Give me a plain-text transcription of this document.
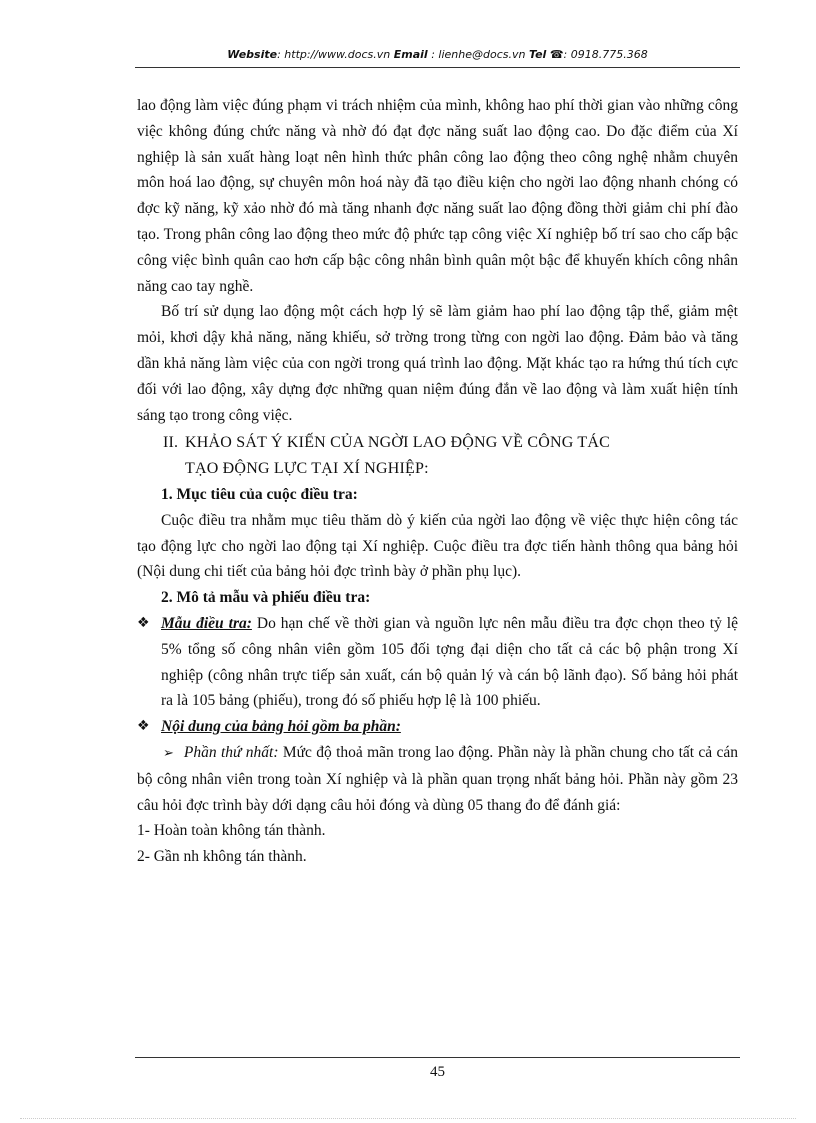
Website: http://www.docs.vn Email : lienhe@docs.vn Tel ☎: 0918.775.368

lao động làm việc đúng phạm vi trách nhiệm của mình, không hao phí thời gian vào những công việc không đúng chức năng và nhờ đó đạt đợc năng suất lao động cao. Do đặc điểm của Xí nghiệp là sản xuất hàng loạt nên hình thức phân công lao động theo công nghệ nhằm chuyên môn hoá lao động, sự chuyên môn hoá này đã tạo điều kiện cho ngời lao động nhanh chóng có đợc kỹ năng, kỹ xảo nhờ đó mà tăng nhanh đợc năng suất lao động đồng thời giảm chi phí đào tạo. Trong phân công lao động theo mức độ phức tạp công việc Xí nghiệp bố trí sao cho cấp bậc công việc bình quân cao hơn cấp bậc công nhân bình quân một bậc để khuyến khích công nhân năng cao tay nghề.

Bố trí sử dụng lao động một cách hợp lý sẽ làm giảm hao phí lao động tập thể, giảm mệt mỏi, khơi dậy khả năng, năng khiếu, sở trờng trong từng con ngời lao động. Đảm bảo và tăng dần khả năng làm việc của con ngời trong quá trình lao động. Mặt khác tạo ra hứng thú tích cực đối với lao động, xây dựng đợc những quan niệm đúng đắn về lao động và làm xuất hiện tính sáng tạo trong công việc.

II. KHẢO SÁT Ý KIẾN CỦA NGỜI LAO ĐỘNG VỀ CÔNG TÁC
TẠO ĐỘNG LỰC TẠI XÍ NGHIỆP:

1. Mục tiêu của cuộc điều tra:

Cuộc điều tra nhằm mục tiêu thăm dò ý kiến của ngời lao động về việc thực hiện công tác tạo động lực cho ngời lao động tại Xí nghiệp. Cuộc điều tra đợc tiến hành thông qua bảng hỏi (Nội dung chi tiết của bảng hỏi đợc trình bày ở phần phụ lục).

2. Mô tả mẫu và phiếu điều tra:

❖ Mẫu điều tra: Do hạn chế về thời gian và nguồn lực nên mẫu điều tra đợc chọn theo tỷ lệ 5% tổng số công nhân viên gồm 105 đối tợng đại diện cho tất cả các bộ phận trong Xí nghiệp (công nhân trực tiếp sản xuất, cán bộ quản lý và cán bộ lãnh đạo). Số bảng hỏi phát ra là 105 bảng (phiếu), trong đó số phiếu hợp lệ là 100 phiếu.

❖ Nội dung của bảng hỏi gồm ba phần:

➢ Phần thứ nhất: Mức độ thoả mãn trong lao động. Phần này là phần chung cho tất cả cán bộ công nhân viên trong toàn Xí nghiệp và là phần quan trọng nhất bảng hỏi. Phần này gồm 23 câu hỏi đợc trình bày dới dạng câu hỏi đóng và dùng 05 thang đo để đánh giá:

1- Hoàn toàn không tán thành.

2- Gần nh không tán thành.

45
